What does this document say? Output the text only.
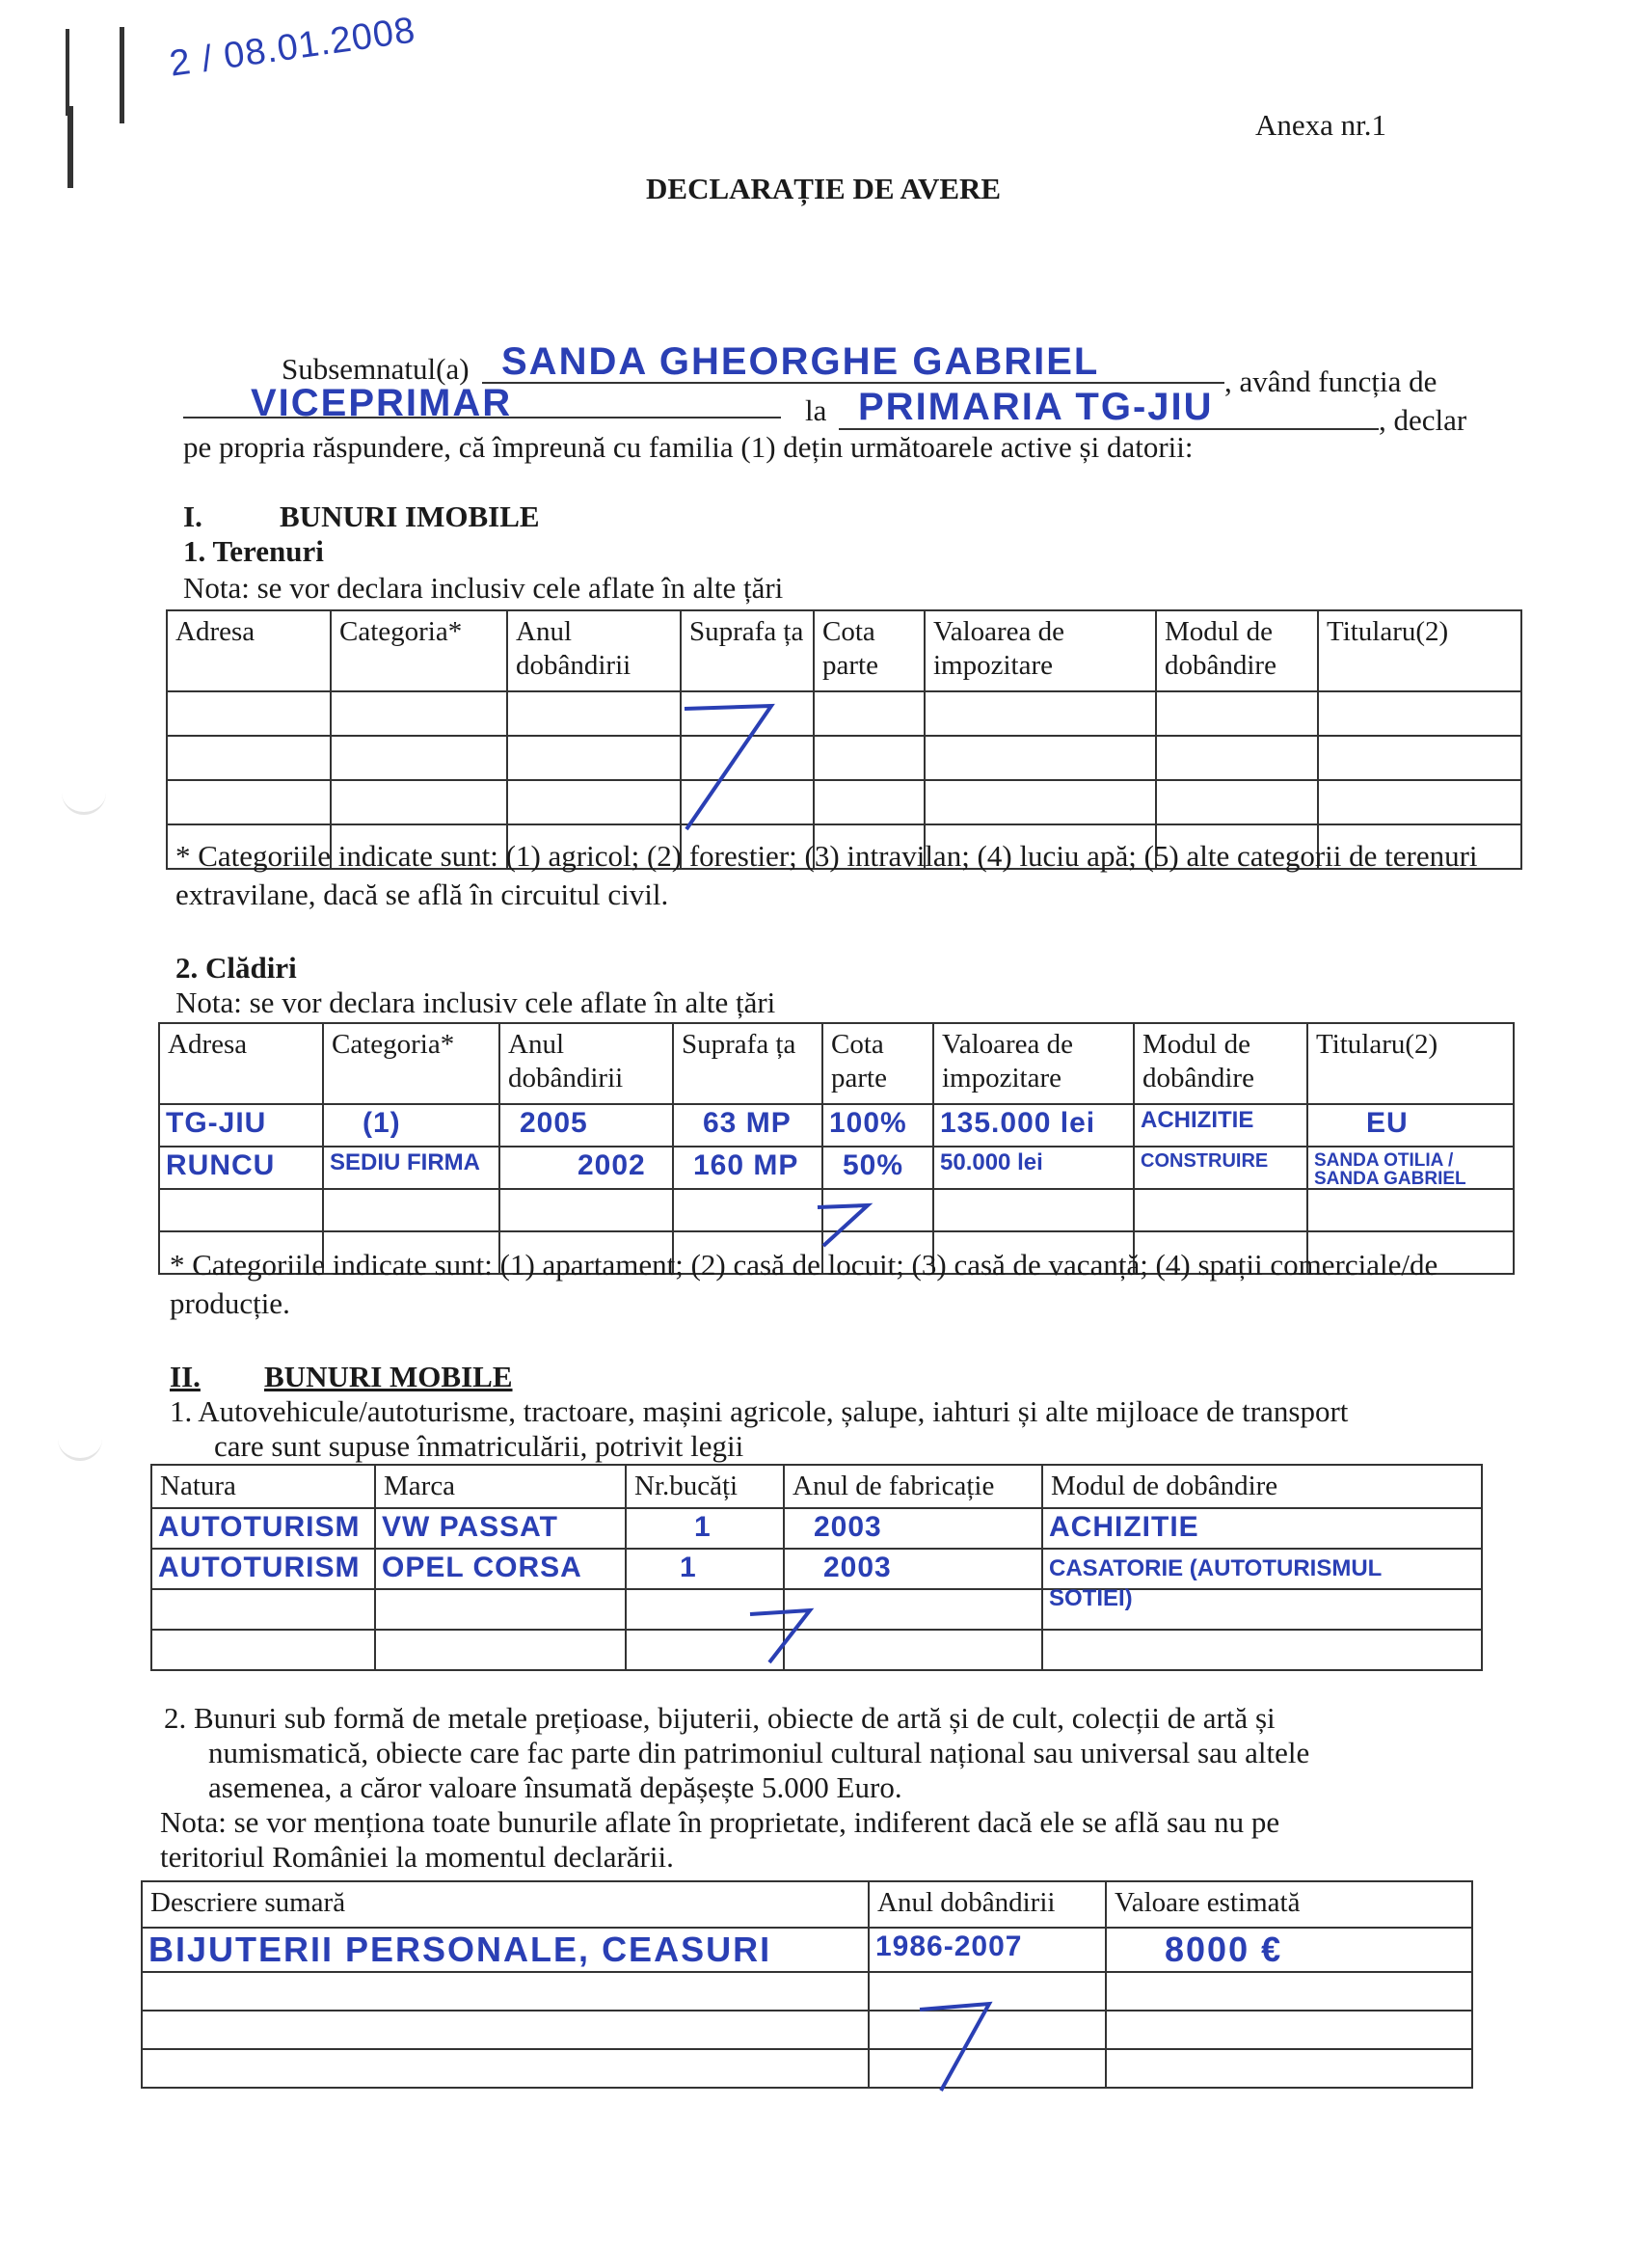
2 / 08.01.2008
Anexa nr.1
DECLARAȚIE DE AVERE
Subsemnatul(a) SANDA GHEORGHE GABRIEL	, având funcția de
VICEPRIMAR	la PRIMARIA TG-JIU	, declar
pe propria răspundere, că împreună cu familia (1) dețin următoarele active și datorii:
I.	BUNURI IMOBILE
1. Terenuri
Nota: se vor declara inclusiv cele aflate în alte țări
Adresa	Categoria*	Anul dobândirii	Suprafa ța	Cota parte	Valoarea de impozitare	Modul de dobândire	Titularu(2)

* Categoriile indicate sunt: (1) agricol; (2) forestier; (3) intravilan; (4) luciu apă; (5) alte categorii de terenuri extravilane, dacă se află în circuitul civil.
2. Clădiri
Nota: se vor declara inclusiv cele aflate în alte țări
Adresa	Categoria*	Anul dobândirii	Suprafa ța	Cota parte	Valoarea de impozitare	Modul de dobândire	Titularu(2)

TG-JIU	(1)	2005	63 MP	100%	135.000 lei	ACHIZITIE	EU

RUNCU	SEDIU FIRMA	2002	160 MP	50%	50.000 lei	CONSTRUIRE	SANDA OTILIA / SANDA GABRIEL

* Categoriile indicate sunt: (1) apartament; (2) casă de locuit; (3) casă de vacanță; (4) spații comerciale/de producție.
II. BUNURI MOBILE
1. Autovehicule/autoturisme, tractoare, mașini agricole, șalupe, iahturi și alte mijloace de transport
care sunt supuse înmatriculării, potrivit legii
Natura	Marca	Nr.bucăți	Anul de fabricație	Modul de dobândire

AUTOTURISM	VW PASSAT	1	2003	ACHIZITIE

AUTOTURISM	OPEL CORSA	1	2003	CASATORIE (AUTOTURISMUL SOTIEI)

2. Bunuri sub formă de metale prețioase, bijuterii, obiecte de artă și de cult, colecții de artă și
numismatică, obiecte care fac parte din patrimoniul cultural național sau universal sau altele
asemenea, a căror valoare însumată depășește 5.000 Euro.
Nota: se vor menționa toate bunurile aflate în proprietate, indiferent dacă ele se află sau nu pe
teritoriul României la momentul declarării.
Descriere sumară	Anul dobândirii	Valoare estimată

BIJUTERII PERSONALE, CEASURI	1986-2007	8000 €
